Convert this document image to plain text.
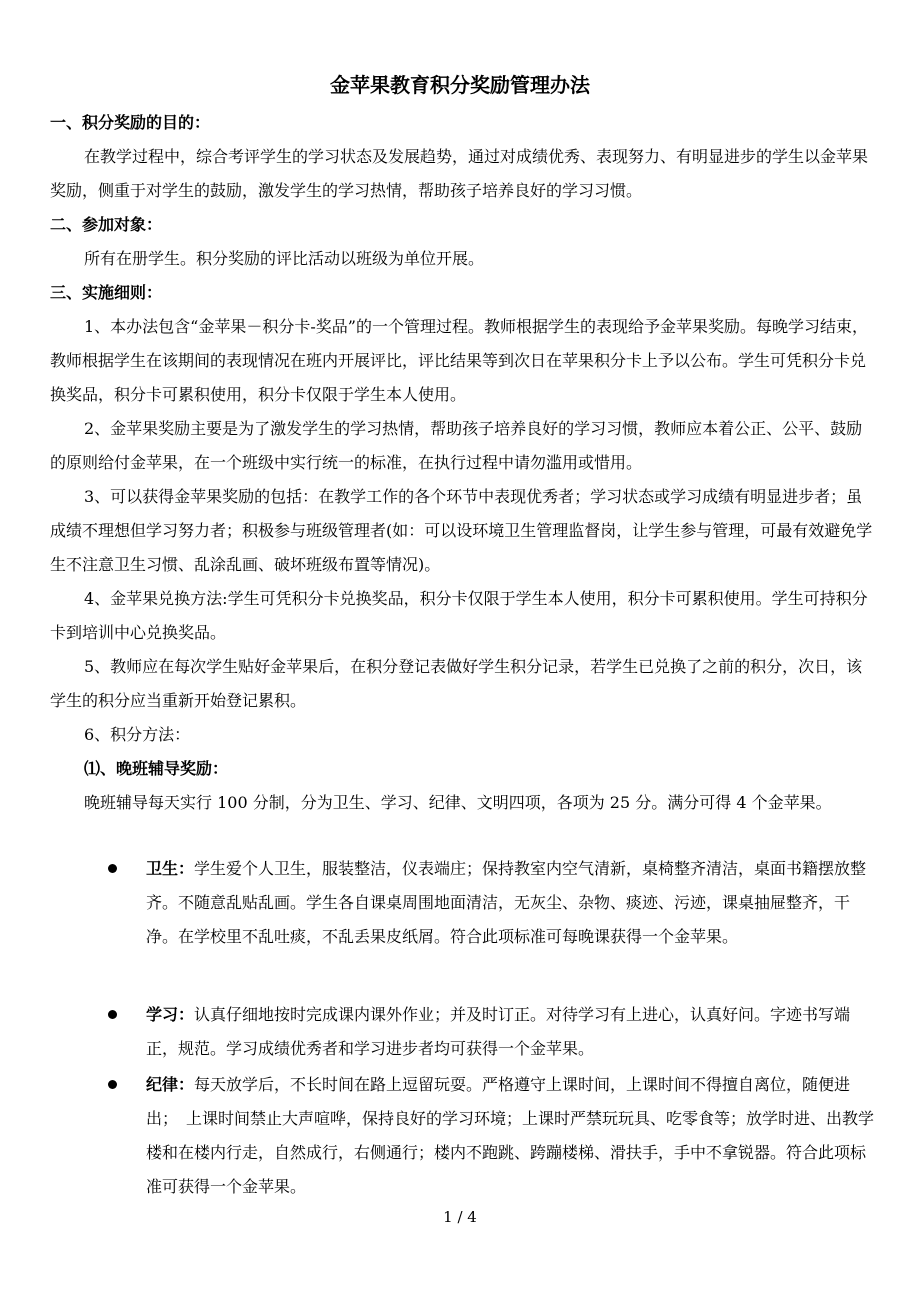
金苹果教育积分奖励管理办法
一、积分奖励的目的：
在教学过程中，综合考评学生的学习状态及发展趋势，通过对成绩优秀、表现努力、有明显进步的学生以金苹果奖励，侧重于对学生的鼓励，激发学生的学习热情，帮助孩子培养良好的学习习惯。
二、参加对象：
所有在册学生。积分奖励的评比活动以班级为单位开展。
三、实施细则：
1、本办法包含“金苹果－积分卡-奖品”的一个管理过程。教师根据学生的表现给予金苹果奖励。每晚学习结束，教师根据学生在该期间的表现情况在班内开展评比，评比结果等到次日在苹果积分卡上予以公布。学生可凭积分卡兑换奖品，积分卡可累积使用，积分卡仅限于学生本人使用。
2、金苹果奖励主要是为了激发学生的学习热情，帮助孩子培养良好的学习习惯，教师应本着公正、公平、鼓励的原则给付金苹果，在一个班级中实行统一的标准，在执行过程中请勿滥用或惜用。
3、可以获得金苹果奖励的包括：在教学工作的各个环节中表现优秀者；学习状态或学习成绩有明显进步者；虽成绩不理想但学习努力者；积极参与班级管理者(如：可以设环境卫生管理监督岗，让学生参与管理，可最有效避免学生不注意卫生习惯、乱涂乱画、破坏班级布置等情况)。
4、金苹果兑换方法:学生可凭积分卡兑换奖品，积分卡仅限于学生本人使用，积分卡可累积使用。学生可持积分卡到培训中心兑换奖品。
5、教师应在每次学生贴好金苹果后，在积分登记表做好学生积分记录，若学生已兑换了之前的积分，次日，该学生的积分应当重新开始登记累积。
6、积分方法：
⑴、晚班辅导奖励：
晚班辅导每天实行 100 分制，分为卫生、学习、纪律、文明四项，各项为 25 分。满分可得 4 个金苹果。
卫生：学生爱个人卫生，服装整洁，仪表端庄；保持教室内空气清新，桌椅整齐清洁，桌面书籍摆放整齐。不随意乱贴乱画。学生各自课桌周围地面清洁，无灰尘、杂物、痰迹、污迹，课桌抽屉整齐，干净。在学校里不乱吐痰，不乱丢果皮纸屑。符合此项标准可每晚课获得一个金苹果。
学习：认真仔细地按时完成课内课外作业；并及时订正。对待学习有上进心，认真好问。字迹书写端正，规范。学习成绩优秀者和学习进步者均可获得一个金苹果。
纪律：每天放学后，不长时间在路上逗留玩耍。严格遵守上课时间，上课时间不得擅自离位，随便进出；　上课时间禁止大声喧哗，保持良好的学习环境；上课时严禁玩玩具、吃零食等；放学时进、出教学楼和在楼内行走，自然成行，右侧通行；楼内不跑跳、跨蹦楼梯、滑扶手，手中不拿锐器。符合此项标准可获得一个金苹果。
1 / 4
